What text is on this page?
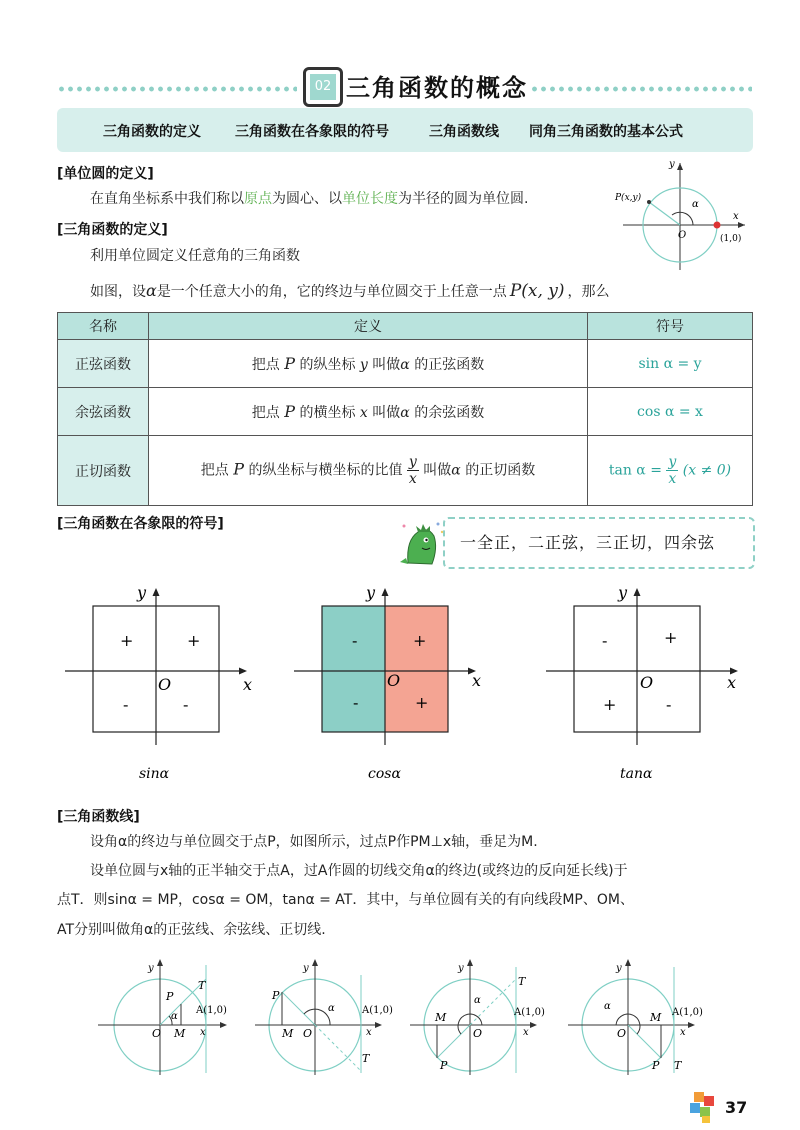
02 三角函数的概念
三角函数的定义 三角函数在各象限的符号	三角函数线 同角三角函数的基本公式
[单位圆的定义]
在直角坐标系中我们称以原点为圆心、以单位长度为半径的圆为单位圆.	P(x,y)
α
x
y
O	(1,0)
[三角函数的定义]
利用单位圆定义任意角的三角函数
如图，设α是一个任意大小的角，它的终边与单位圆交于上任意一点 P(x, y) ，那么
名称	定义	符号
正弦函数	把点 P 的纵坐标 y 叫做α 的正弦函数	sin α = y
余弦函数	把点 P 的横坐标 x 叫做α 的余弦函数	cos α = x
正切函数	把点 P 的纵坐标与横坐标的比值 $\frac{y}{x}$ 叫做α 的正切函数	$\tan \alpha = \frac{y}{x} (x \ne 0)$
[三角函数在各象限的符号]
一全正，二正弦，三正切，四余弦
y
x
O
+
+
-	-
sinα
y
x
O
+
-
-	+
cosα
y
x
O
+
-
+	-
tanα
[三角函数线]
设角α的终边与单位圆交于点P，如图所示，过点P作PM⊥x轴，垂足为M.
设单位圆与x轴的正半轴交于点A，过A作圆的切线交角α的终边(或终边的反向延长线)于
点T．则sinα = MP，cosα = OM，tanα = AT．其中，与单位圆有关的有向线段MP、OM、
AT分别叫做角α的正弦线、余弦线、正切线.
y
x
O M
P
T
A(1,0)
α
y
x
O
M
P
T
A(1,0)
α
y
x
O
M
P
T
A(1,0)
α
y
x
O
M
P T
A(1,0)
α
37
